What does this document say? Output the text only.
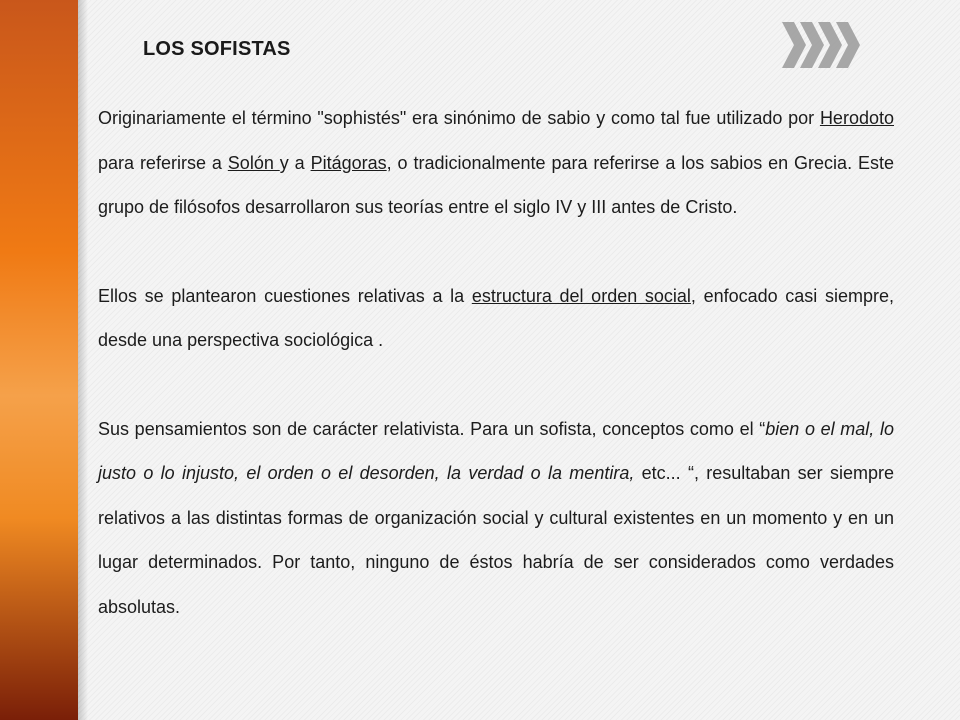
LOS SOFISTAS

Originariamente el término "sophistés" era sinónimo de sabio y como tal fue utilizado por Herodoto para referirse a Solón y a Pitágoras, o tradicionalmente para referirse a los sabios en Grecia. Este grupo de filósofos desarrollaron sus teorías entre el siglo IV y III antes de Cristo.

Ellos se plantearon cuestiones relativas a la estructura del orden social, enfocado casi siempre, desde una perspectiva sociológica .

Sus pensamientos son de carácter relativista. Para un sofista, conceptos como el “bien o el mal, lo justo o lo injusto, el orden o el desorden, la verdad o la mentira, etc... “, resultaban ser siempre relativos a las distintas formas de organización social y cultural existentes en un momento y en un lugar determinados. Por tanto, ninguno de éstos habría de ser considerados como verdades absolutas.
